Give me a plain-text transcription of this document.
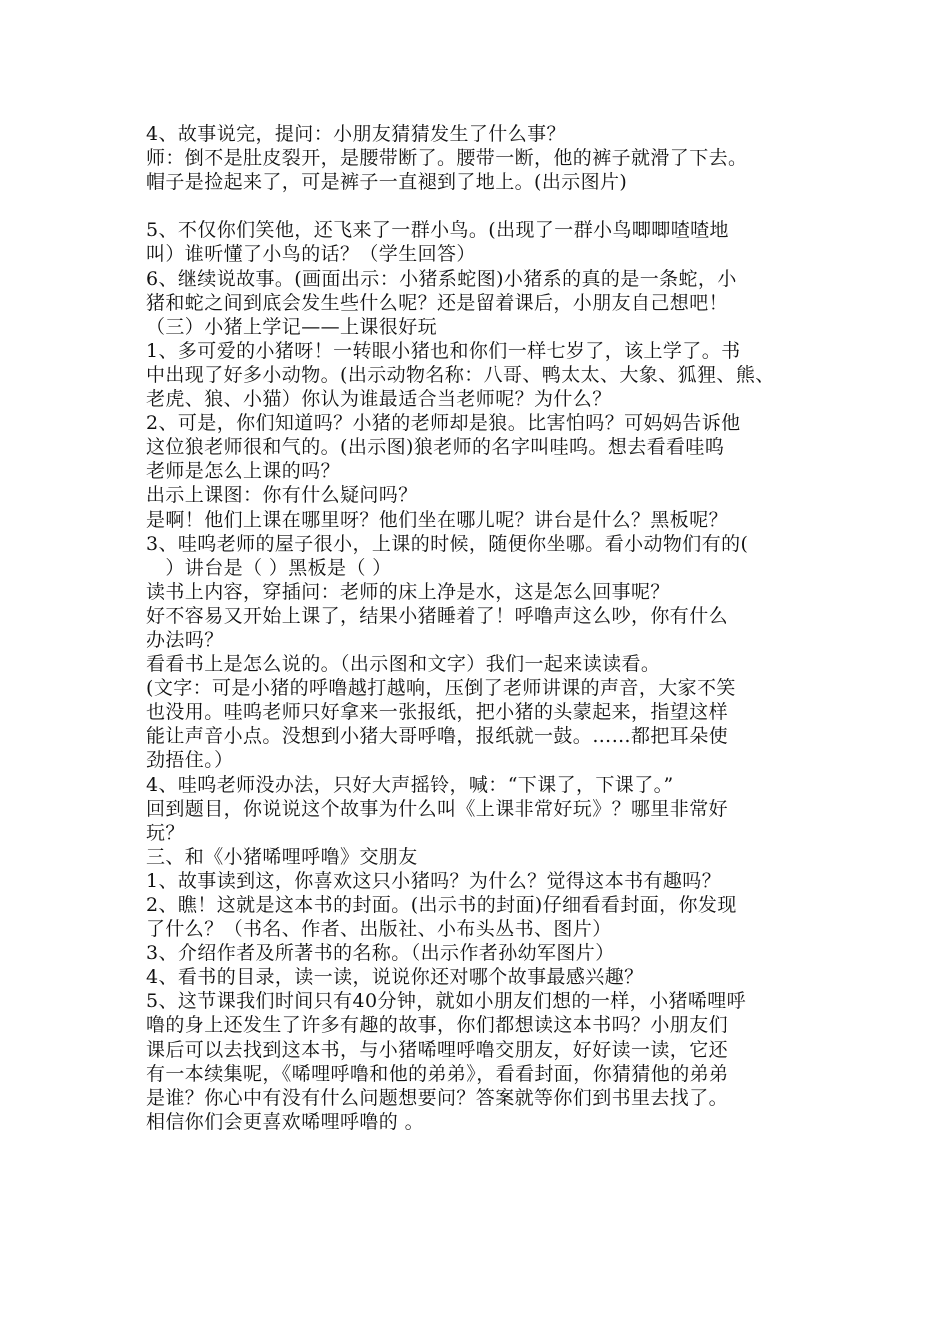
4、故事说完，提问：小朋友猜猜发生了什么事？
师：倒不是肚皮裂开，是腰带断了。腰带一断，他的裤子就滑了下去。
帽子是捡起来了，可是裤子一直褪到了地上。(出示图片)
5、不仅你们笑他，还飞来了一群小鸟。(出现了一群小鸟唧唧喳喳地
叫）谁听懂了小鸟的话？（学生回答）
6、继续说故事。(画面出示：小猪系蛇图)小猪系的真的是一条蛇，小
猪和蛇之间到底会发生些什么呢？还是留着课后，小朋友自己想吧！
（三）小猪上学记——上课很好玩
1、多可爱的小猪呀！一转眼小猪也和你们一样七岁了，该上学了。书
中出现了好多小动物。(出示动物名称：八哥、鸭太太、大象、狐狸、熊、
老虎、狼、小猫）你认为谁最适合当老师呢？为什么？
2、可是，你们知道吗？小猪的老师却是狼。比害怕吗？可妈妈告诉他
这位狼老师很和气的。(出示图)狼老师的名字叫哇呜。想去看看哇呜
老师是怎么上课的吗？
出示上课图：你有什么疑问吗？
是啊！他们上课在哪里呀？他们坐在哪儿呢？讲台是什么？黑板呢？
3、哇呜老师的屋子很小，上课的时候，随便你坐哪。看小动物们有的(
　）讲台是（ ）黑板是（ ）
读书上内容，穿插问：老师的床上净是水，这是怎么回事呢？
好不容易又开始上课了，结果小猪睡着了！呼噜声这么吵，你有什么
办法吗？
看看书上是怎么说的。（出示图和文字）我们一起来读读看。
(文字：可是小猪的呼噜越打越响，压倒了老师讲课的声音，大家不笑
也没用。哇呜老师只好拿来一张报纸，把小猪的头蒙起来，指望这样
能让声音小点。没想到小猪大哥呼噜，报纸就一鼓。……都把耳朵使
劲捂住。）
4、哇呜老师没办法，只好大声摇铃，喊：“下课了，下课了。”
回到题目，你说说这个故事为什么叫《上课非常好玩》？哪里非常好
玩？
三、和《小猪唏哩呼噜》交朋友
1、故事读到这，你喜欢这只小猪吗？为什么？觉得这本书有趣吗？
2、瞧！这就是这本书的封面。(出示书的封面)仔细看看封面，你发现
了什么？（书名、作者、出版社、小布头丛书、图片）
3、介绍作者及所著书的名称。（出示作者孙幼军图片）
4、看书的目录，读一读，说说你还对哪个故事最感兴趣？
5、这节课我们时间只有40分钟，就如小朋友们想的一样，小猪唏哩呼
噜的身上还发生了许多有趣的故事，你们都想读这本书吗？小朋友们
课后可以去找到这本书，与小猪唏哩呼噜交朋友，好好读一读，它还
有一本续集呢，《唏哩呼噜和他的弟弟》，看看封面，你猜猜他的弟弟
是谁？你心中有没有什么问题想要问？答案就等你们到书里去找了。
相信你们会更喜欢唏哩呼噜的 。
